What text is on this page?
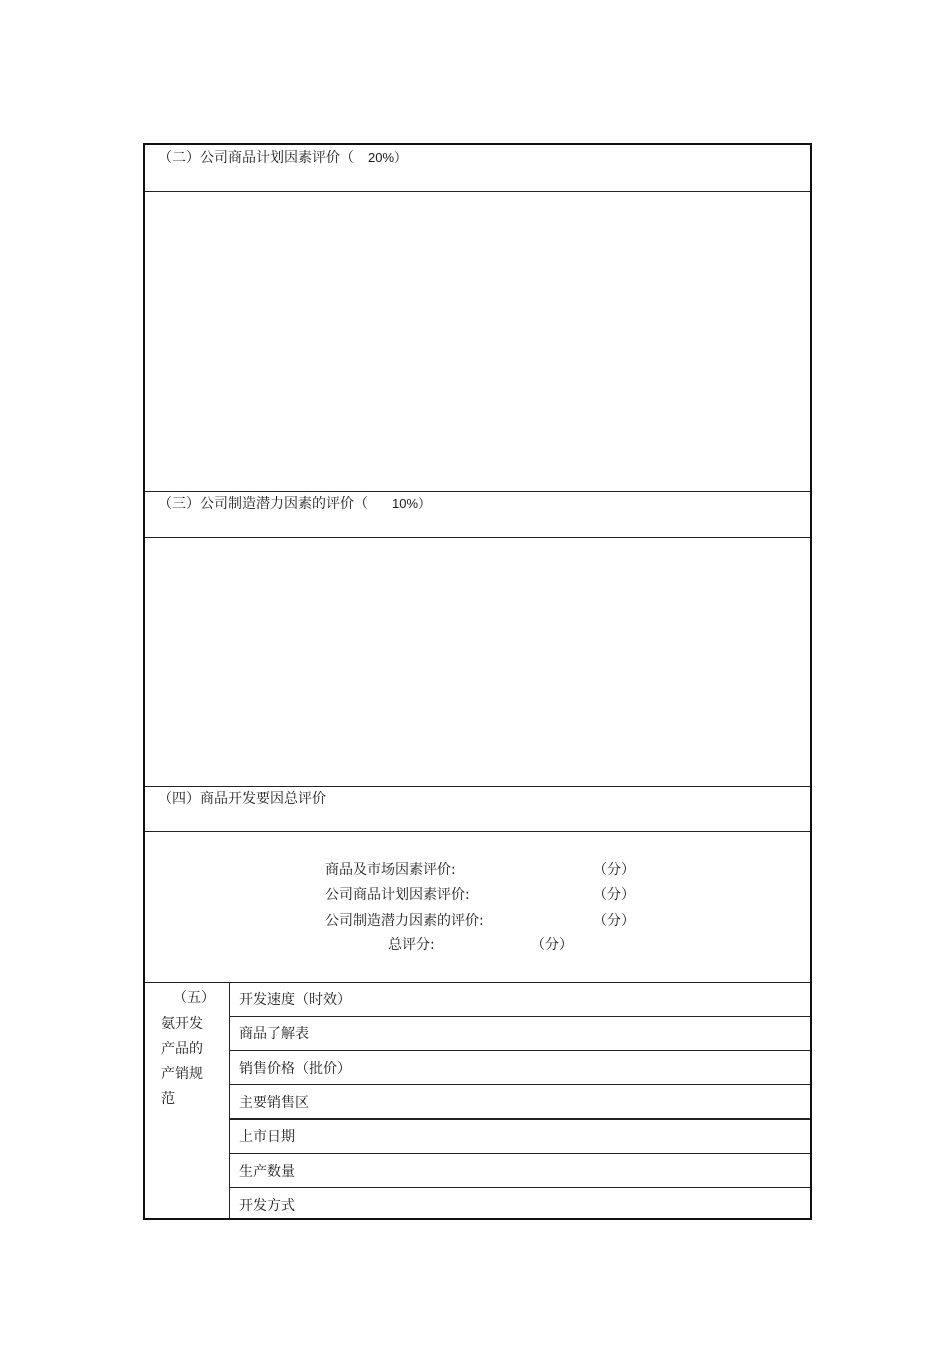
（二）公司商品计划因素评价（ 20%）
（三）公司制造潜力因素的评价（ 10%）
（四）商品开发要因总评价
商品及市场因素评价:	（分）
公司商品计划因素评价:	（分）
公司制造潜力因素的评价:	（分）
总评分:	（分）
（五）
氨开发
产品的
产销规
范
开发速度（时效）
商品了解表
销售价格（批价）
主要销售区
上市日期
生产数量
开发方式
